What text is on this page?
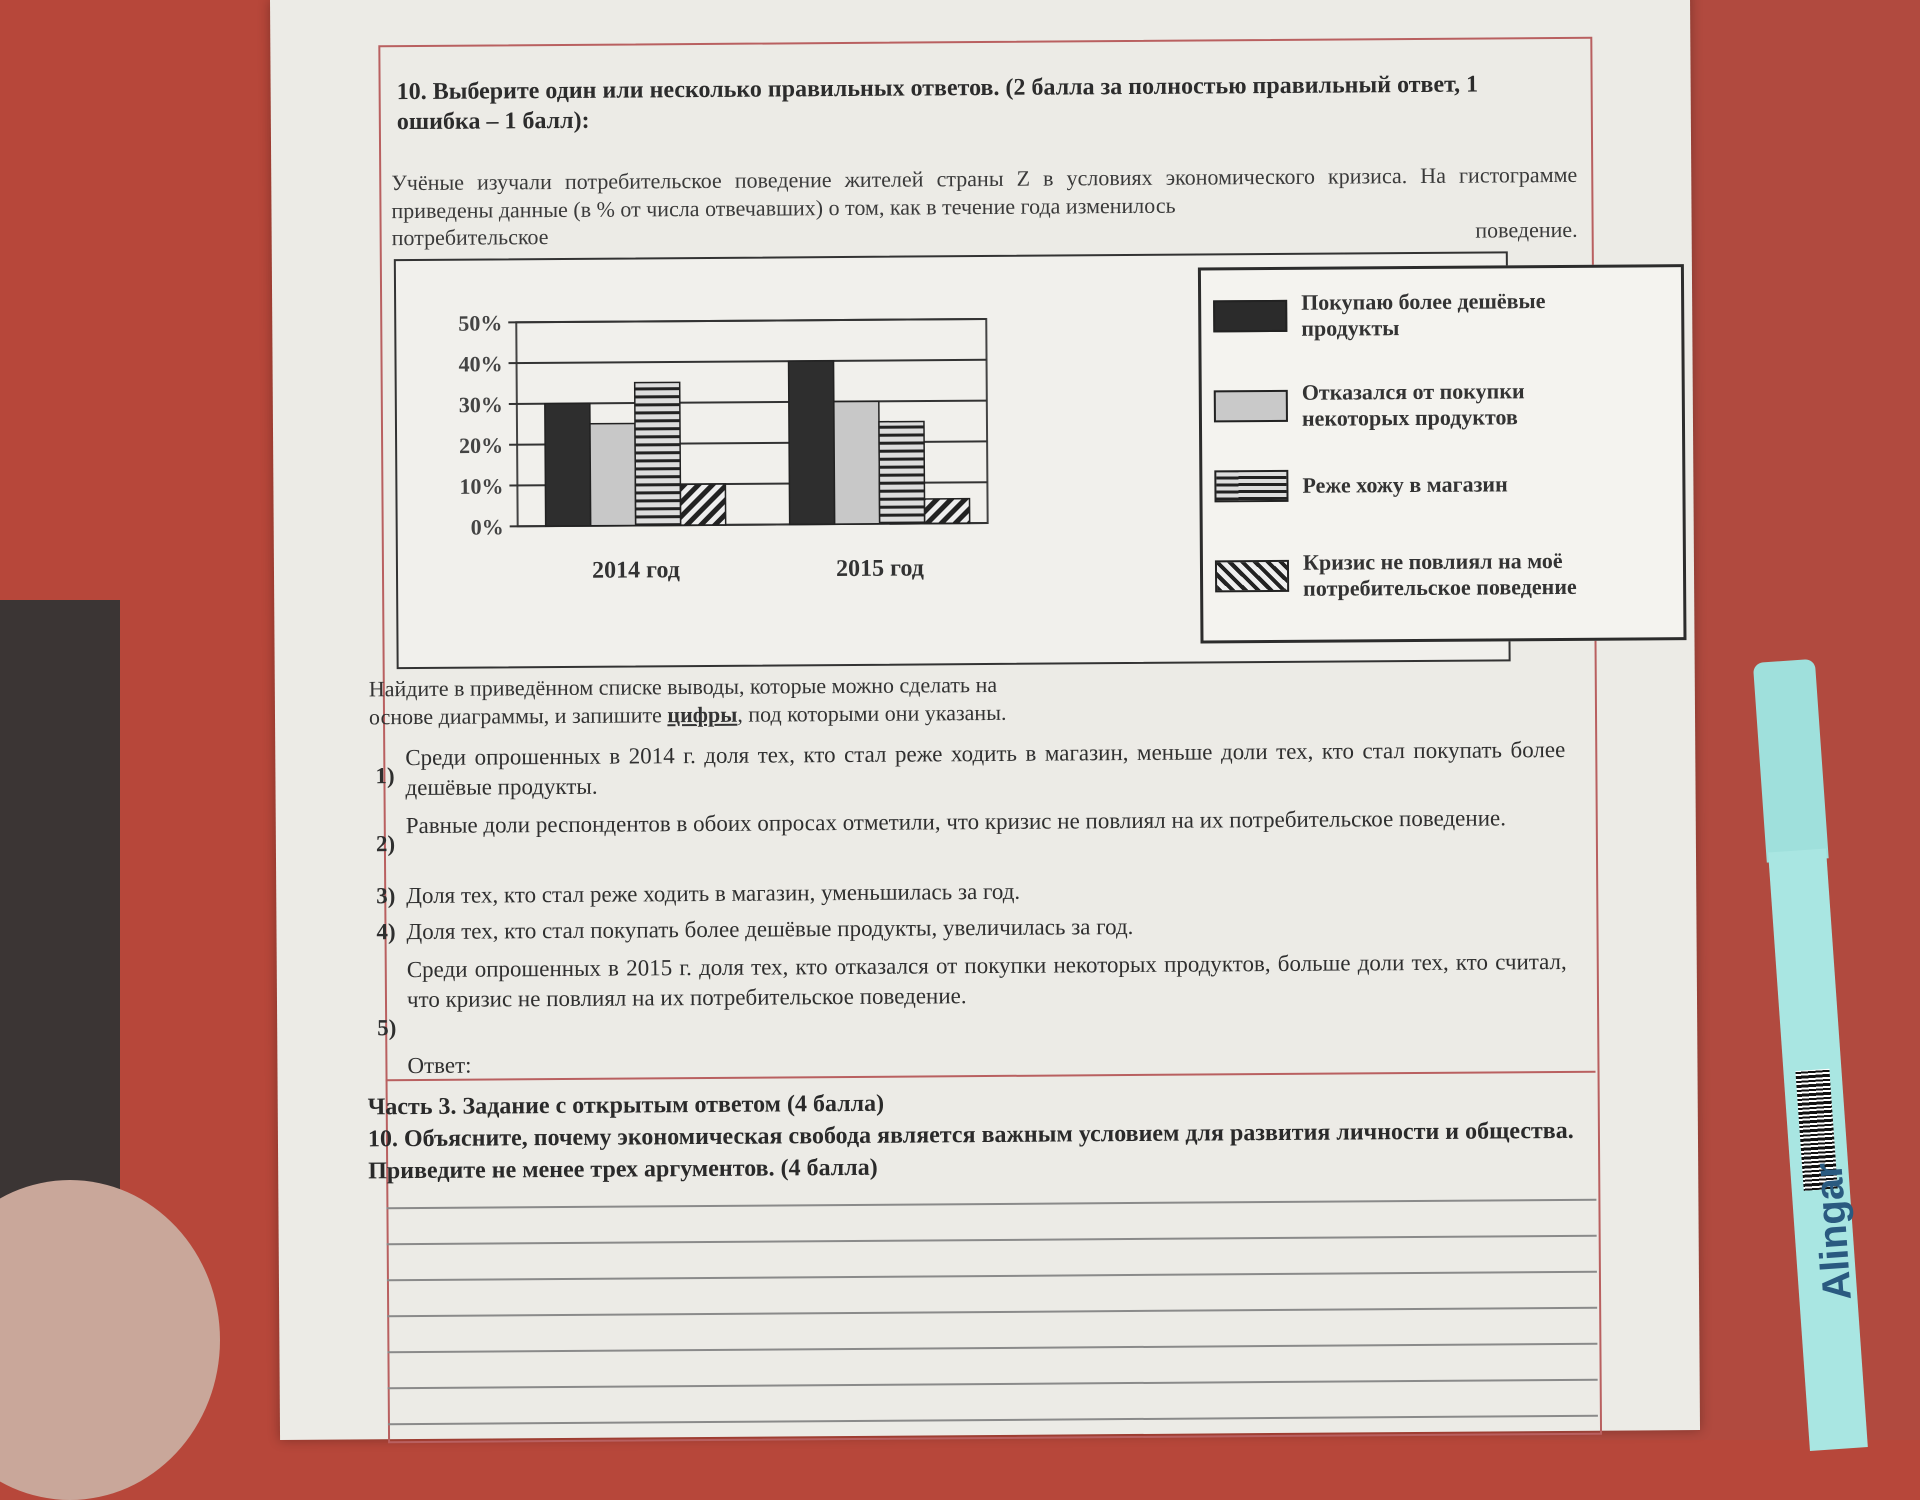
10. Выберите один или несколько правильных ответов. (2 балла за полностью правильный ответ, 1 ошибка – 1 балл):
Учёные изучали потребительское поведение жителей страны Z в условиях экономического кризиса. На гистограмме приведены данные (в % от числа отвечавших) о том, как в течение года изменилось
потребительское	поведение.
0%
10%
20%
30%
40%
50%
2014 год	2015 год
Покупаю более дешёвые продукты
Отказался от покупки некоторых продуктов
Реже хожу в магазин
Кризис не повлиял на моё потребительское поведение
Найдите в приведённом списке выводы, которые можно сделать на
основе диаграммы, и запишите цифры, под которыми они указаны.
1)
Среди опрошенных в 2014 г. доля тех, кто стал реже ходить в магазин, меньше доли тех, кто стал покупать более дешёвые продукты.
2)
Равные доли респондентов в обоих опросах отметили, что кризис не повлиял на их потребительское поведение.
3) Доля тех, кто стал реже ходить в магазин, уменьшилась за год.
4) Доля тех, кто стал покупать более дешёвые продукты, увеличилась за год.
5)
Среди опрошенных в 2015 г. доля тех, кто отказался от покупки некоторых продуктов, больше доли тех, кто считал, что кризис не повлиял на их потребительское поведение.
Ответ:
Часть 3. Задание с открытым ответом (4 балла)
10. Объясните, почему экономическая свобода является важным условием для развития личности и общества. Приведите не менее трех аргументов. (4 балла)	Alingar
